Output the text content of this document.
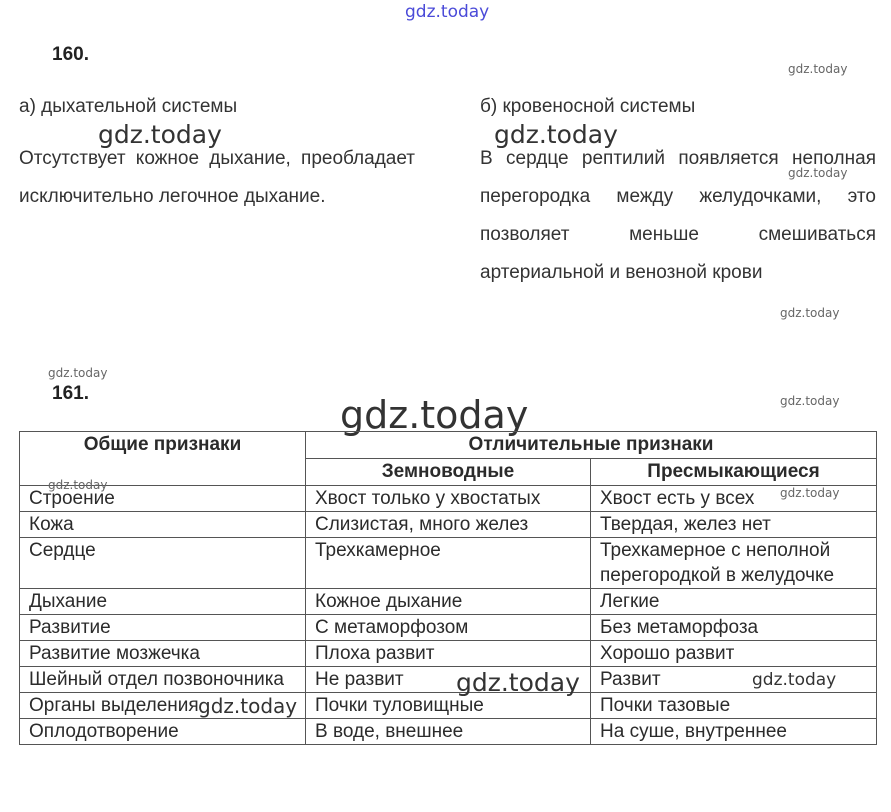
gdz.today
160.
gdz.today
а) дыхательной системы	б) кровеносной системы
gdz.today	gdz.today
Отсутствует кожное дыхание, преобладает исключительно легочное дыхание.
В сердце рептилий появляется неполная перегородка между желудочками, это позволяет меньше смешиваться артериальной и венозной крови
gdz.today
gdz.today
gdz.today
161.	gdz.today
gdz.today
Общие признаки	Отличительные признаки	
	Земноводные	Пресмыкающиеся
Строение	Хвост только у хвостатых	Хвост есть у всех
Кожа	Слизистая, много желез	Твердая, желез нет
Сердце	Трехкамерное	Трехкамерное с неполной перегородкой в желудочке
Дыхание	Кожное дыхание	Легкие
Развитие	С метаморфозом	Без метаморфоза
Развитие мозжечка	Плоха развит	Хорошо развит
Шейный отдел позвоночника	Не развит	Развит
Органы выделения	Почки туловищные	Почки тазовые
Оплодотворение	В воде, внешнее	На суше, внутреннее
gdz.today
gdz.today
gdz.today	gdz.today
gdz.today
